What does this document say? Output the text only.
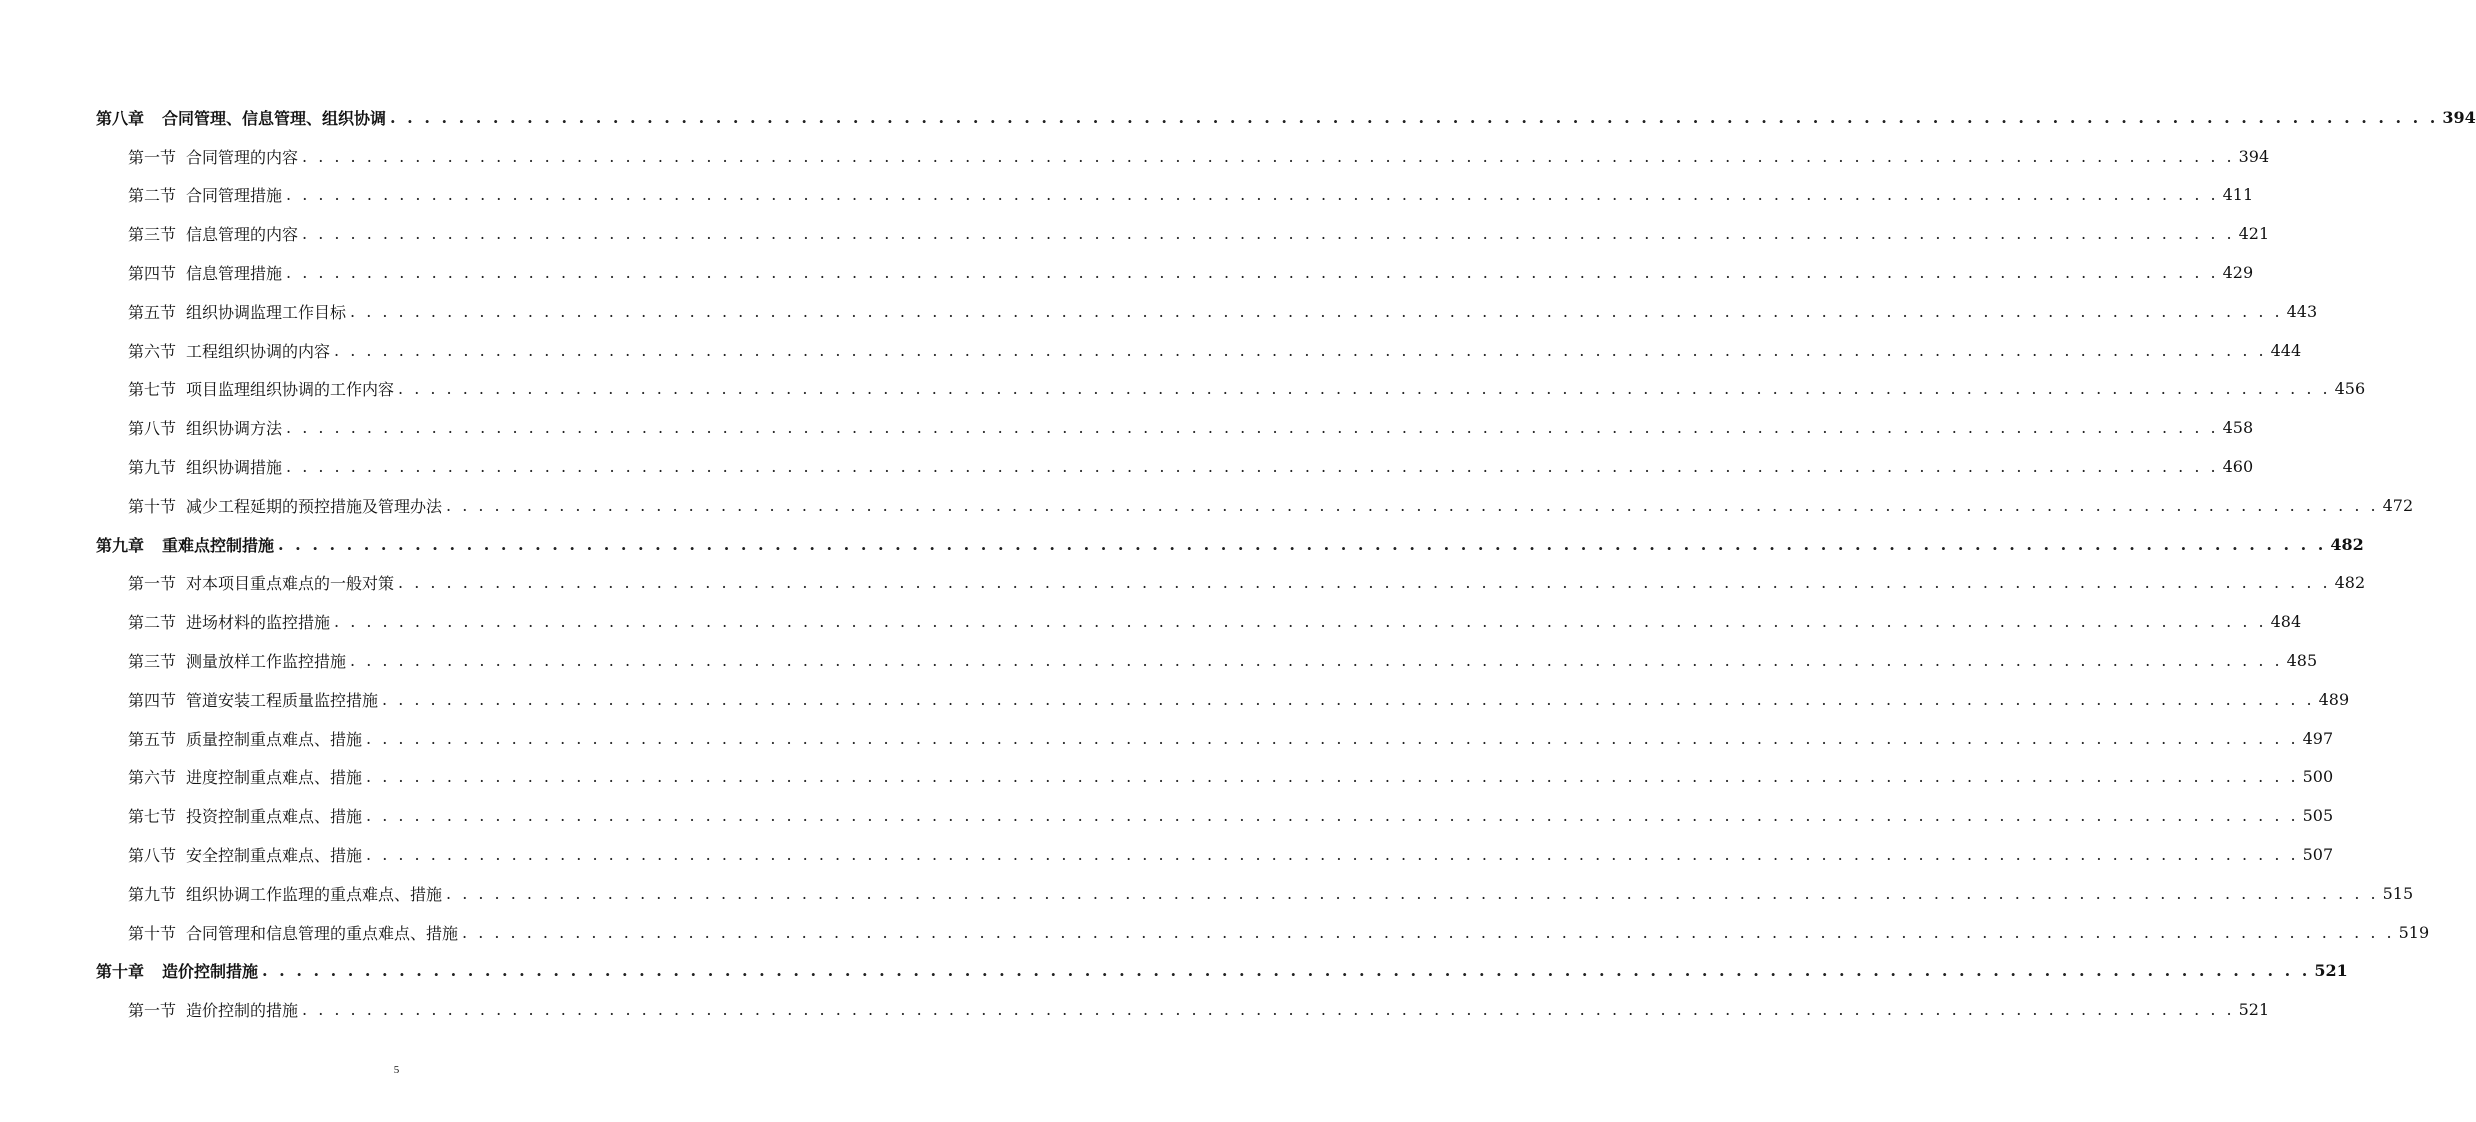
第八章 合同管理、信息管理、组织协调 . . . . . . . . . . . . . . . . . . . . . . . . . . . . . . . . . . . . . . . . . . . . . . . . . . . . . . . . . . . . . . . . . . . . . . . . . . . . . . . . . . . . . . . . . . . . . . . . . . . . . . . . . . . . . . . . . . . . . . . . 394
第一节 合同管理的内容 . . . . . . . . . . . . . . . . . . . . . . . . . . . . . . . . . . . . . . . . . . . . . . . . . . . . . . . . . . . . . . . . . . . . . . . . . . . . . . . . . . . . . . . . . . . . . . . . . . . . . . . . . . . . . . . . . . . . . . . . 394
第二节 合同管理措施 . . . . . . . . . . . . . . . . . . . . . . . . . . . . . . . . . . . . . . . . . . . . . . . . . . . . . . . . . . . . . . . . . . . . . . . . . . . . . . . . . . . . . . . . . . . . . . . . . . . . . . . . . . . . . . . . . . . . . . . . 411
第三节 信息管理的内容 . . . . . . . . . . . . . . . . . . . . . . . . . . . . . . . . . . . . . . . . . . . . . . . . . . . . . . . . . . . . . . . . . . . . . . . . . . . . . . . . . . . . . . . . . . . . . . . . . . . . . . . . . . . . . . . . . . . . . . . . 421
第四节 信息管理措施 . . . . . . . . . . . . . . . . . . . . . . . . . . . . . . . . . . . . . . . . . . . . . . . . . . . . . . . . . . . . . . . . . . . . . . . . . . . . . . . . . . . . . . . . . . . . . . . . . . . . . . . . . . . . . . . . . . . . . . . . 429
第五节 组织协调监理工作目标 . . . . . . . . . . . . . . . . . . . . . . . . . . . . . . . . . . . . . . . . . . . . . . . . . . . . . . . . . . . . . . . . . . . . . . . . . . . . . . . . . . . . . . . . . . . . . . . . . . . . . . . . . . . . . . . . . . . . . . . . 443
第六节 工程组织协调的内容 . . . . . . . . . . . . . . . . . . . . . . . . . . . . . . . . . . . . . . . . . . . . . . . . . . . . . . . . . . . . . . . . . . . . . . . . . . . . . . . . . . . . . . . . . . . . . . . . . . . . . . . . . . . . . . . . . . . . . . . . 444
第七节 项目监理组织协调的工作内容 . . . . . . . . . . . . . . . . . . . . . . . . . . . . . . . . . . . . . . . . . . . . . . . . . . . . . . . . . . . . . . . . . . . . . . . . . . . . . . . . . . . . . . . . . . . . . . . . . . . . . . . . . . . . . . . . . . . . . . . . 456
第八节 组织协调方法 . . . . . . . . . . . . . . . . . . . . . . . . . . . . . . . . . . . . . . . . . . . . . . . . . . . . . . . . . . . . . . . . . . . . . . . . . . . . . . . . . . . . . . . . . . . . . . . . . . . . . . . . . . . . . . . . . . . . . . . . 458
第九节 组织协调措施 . . . . . . . . . . . . . . . . . . . . . . . . . . . . . . . . . . . . . . . . . . . . . . . . . . . . . . . . . . . . . . . . . . . . . . . . . . . . . . . . . . . . . . . . . . . . . . . . . . . . . . . . . . . . . . . . . . . . . . . . 460
第十节 减少工程延期的预控措施及管理办法 . . . . . . . . . . . . . . . . . . . . . . . . . . . . . . . . . . . . . . . . . . . . . . . . . . . . . . . . . . . . . . . . . . . . . . . . . . . . . . . . . . . . . . . . . . . . . . . . . . . . . . . . . . . . . . . . . . . . . . . . 472
第九章 重难点控制措施 . . . . . . . . . . . . . . . . . . . . . . . . . . . . . . . . . . . . . . . . . . . . . . . . . . . . . . . . . . . . . . . . . . . . . . . . . . . . . . . . . . . . . . . . . . . . . . . . . . . . . . . . . . . . . . . . . . . . . . . . 482
第一节 对本项目重点难点的一般对策 . . . . . . . . . . . . . . . . . . . . . . . . . . . . . . . . . . . . . . . . . . . . . . . . . . . . . . . . . . . . . . . . . . . . . . . . . . . . . . . . . . . . . . . . . . . . . . . . . . . . . . . . . . . . . . . . . . . . . . . . 482
第二节 进场材料的监控措施 . . . . . . . . . . . . . . . . . . . . . . . . . . . . . . . . . . . . . . . . . . . . . . . . . . . . . . . . . . . . . . . . . . . . . . . . . . . . . . . . . . . . . . . . . . . . . . . . . . . . . . . . . . . . . . . . . . . . . . . . 484
第三节 测量放样工作监控措施 . . . . . . . . . . . . . . . . . . . . . . . . . . . . . . . . . . . . . . . . . . . . . . . . . . . . . . . . . . . . . . . . . . . . . . . . . . . . . . . . . . . . . . . . . . . . . . . . . . . . . . . . . . . . . . . . . . . . . . . . 485
第四节 管道安装工程质量监控措施 . . . . . . . . . . . . . . . . . . . . . . . . . . . . . . . . . . . . . . . . . . . . . . . . . . . . . . . . . . . . . . . . . . . . . . . . . . . . . . . . . . . . . . . . . . . . . . . . . . . . . . . . . . . . . . . . . . . . . . . . 489
第五节 质量控制重点难点、措施 . . . . . . . . . . . . . . . . . . . . . . . . . . . . . . . . . . . . . . . . . . . . . . . . . . . . . . . . . . . . . . . . . . . . . . . . . . . . . . . . . . . . . . . . . . . . . . . . . . . . . . . . . . . . . . . . . . . . . . . . 497
第六节 进度控制重点难点、措施 . . . . . . . . . . . . . . . . . . . . . . . . . . . . . . . . . . . . . . . . . . . . . . . . . . . . . . . . . . . . . . . . . . . . . . . . . . . . . . . . . . . . . . . . . . . . . . . . . . . . . . . . . . . . . . . . . . . . . . . . 500
第七节 投资控制重点难点、措施 . . . . . . . . . . . . . . . . . . . . . . . . . . . . . . . . . . . . . . . . . . . . . . . . . . . . . . . . . . . . . . . . . . . . . . . . . . . . . . . . . . . . . . . . . . . . . . . . . . . . . . . . . . . . . . . . . . . . . . . . 505
第八节 安全控制重点难点、措施 . . . . . . . . . . . . . . . . . . . . . . . . . . . . . . . . . . . . . . . . . . . . . . . . . . . . . . . . . . . . . . . . . . . . . . . . . . . . . . . . . . . . . . . . . . . . . . . . . . . . . . . . . . . . . . . . . . . . . . . . 507
第九节 组织协调工作监理的重点难点、措施 . . . . . . . . . . . . . . . . . . . . . . . . . . . . . . . . . . . . . . . . . . . . . . . . . . . . . . . . . . . . . . . . . . . . . . . . . . . . . . . . . . . . . . . . . . . . . . . . . . . . . . . . . . . . . . . . . . . . . . . . 515
第十节 合同管理和信息管理的重点难点、措施 . . . . . . . . . . . . . . . . . . . . . . . . . . . . . . . . . . . . . . . . . . . . . . . . . . . . . . . . . . . . . . . . . . . . . . . . . . . . . . . . . . . . . . . . . . . . . . . . . . . . . . . . . . . . . . . . . . . . . . . . 519
第十章 造价控制措施 . . . . . . . . . . . . . . . . . . . . . . . . . . . . . . . . . . . . . . . . . . . . . . . . . . . . . . . . . . . . . . . . . . . . . . . . . . . . . . . . . . . . . . . . . . . . . . . . . . . . . . . . . . . . . . . . . . . . . . . . 521
第一节 造价控制的措施 . . . . . . . . . . . . . . . . . . . . . . . . . . . . . . . . . . . . . . . . . . . . . . . . . . . . . . . . . . . . . . . . . . . . . . . . . . . . . . . . . . . . . . . . . . . . . . . . . . . . . . . . . . . . . . . . . . . . . . . . 521
5
